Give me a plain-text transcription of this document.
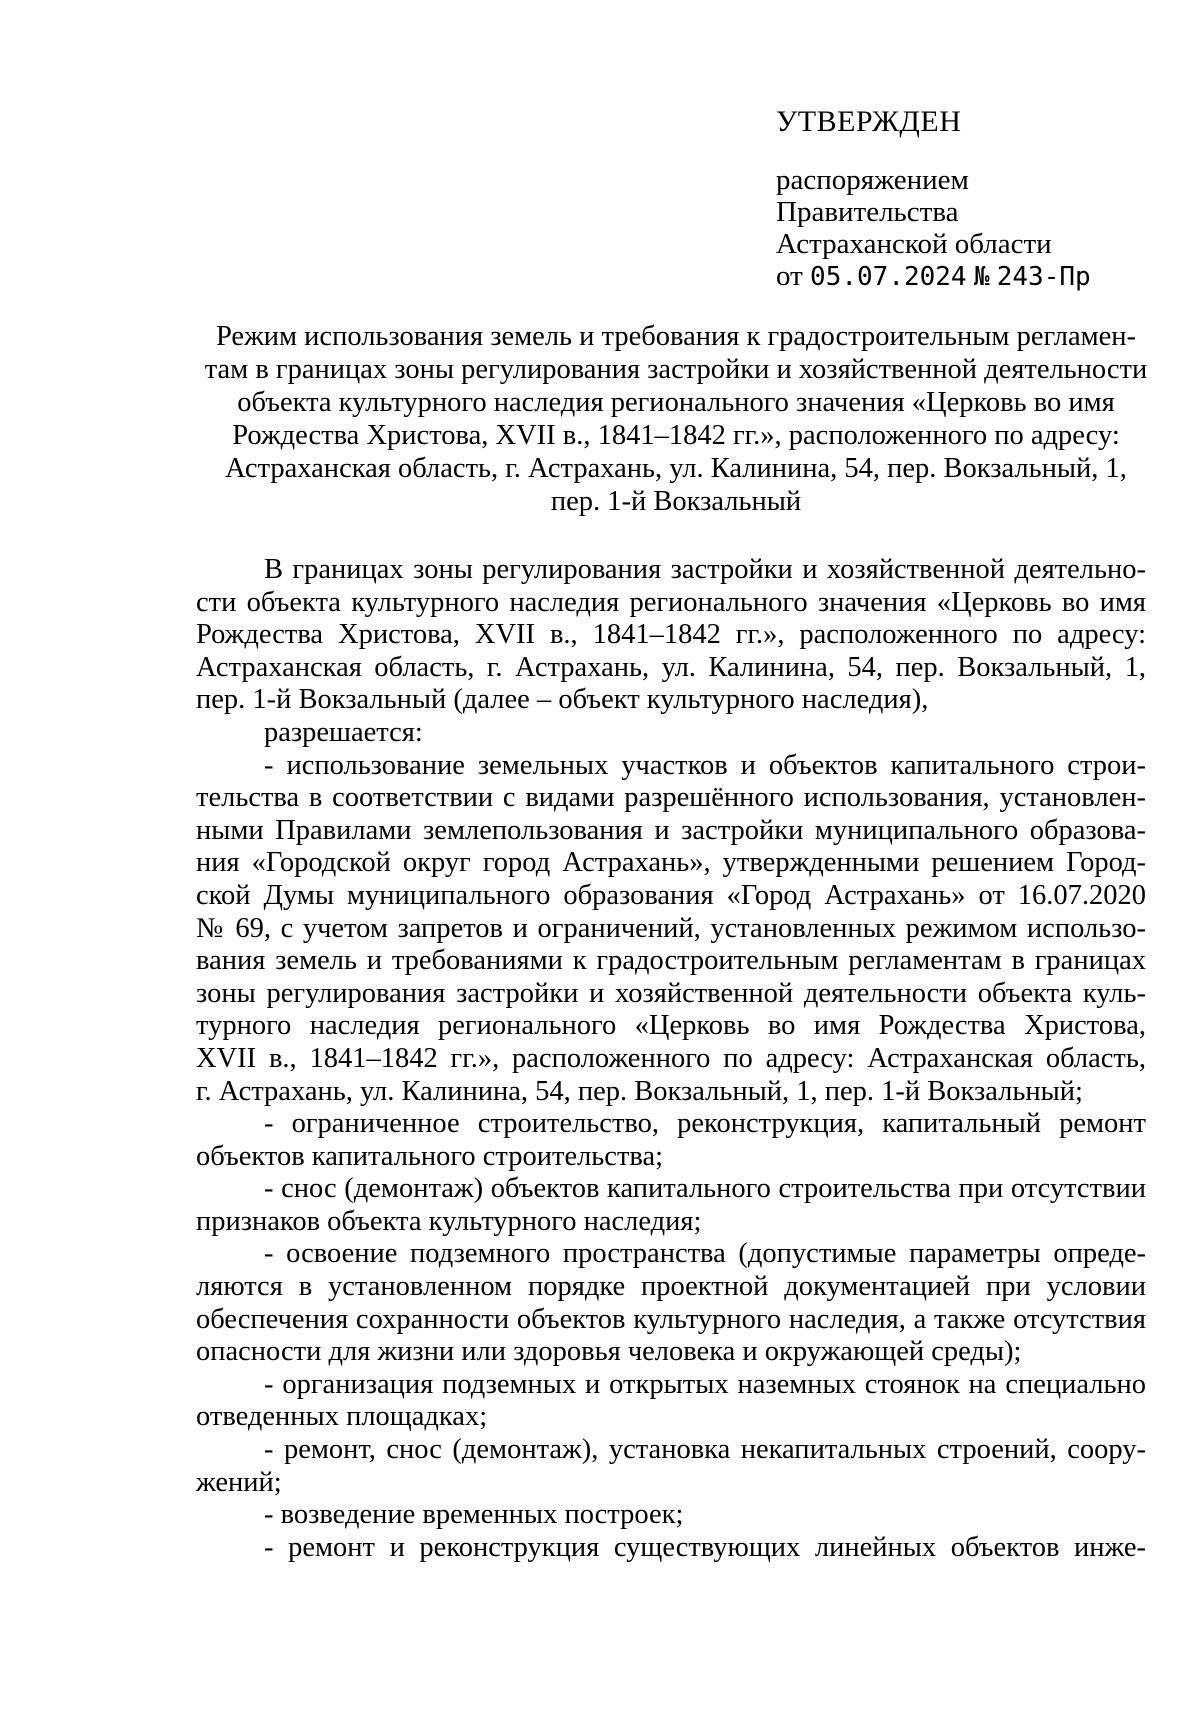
УТВЕРЖДЕН
распоряжением
Правительства
Астраханской области
от 05.07.2024 № 243-Пр
Режим использования земель и требования к градостроительным регламен-
там в границах зоны регулирования застройки и хозяйственной деятельности
объекта культурного наследия регионального значения «Церковь во имя
Рождества Христова, XVII в., 1841–1842 гг.», расположенного по адресу:
Астраханская область, г. Астрахань, ул. Калинина, 54, пер. Вокзальный, 1,
пер. 1-й Вокзальный

В границах зоны регулирования застройки и хозяйственной деятельно-

сти объекта культурного наследия регионального значения «Церковь во имя

Рождества Христова, XVII в., 1841–1842 гг.», расположенного по адресу:

Астраханская область, г. Астрахань, ул. Калинина, 54, пер. Вокзальный, 1,

пер. 1-й Вокзальный (далее – объект культурного наследия),

разрешается:

- использование земельных участков и объектов капитального строи-

тельства в соответствии с видами разрешённого использования, установлен-

ными Правилами землепользования и застройки муниципального образова-

ния «Городской округ город Астрахань», утвержденными решением Город-

ской Думы муниципального образования «Город Астрахань» от 16.07.2020

№ 69, с учетом запретов и ограничений, установленных режимом использо-

вания земель и требованиями к градостроительным регламентам в границах

зоны регулирования застройки и хозяйственной деятельности объекта куль-

турного наследия регионального «Церковь во имя Рождества Христова,

XVII в., 1841–1842 гг.», расположенного по адресу: Астраханская область,

г. Астрахань, ул. Калинина, 54, пер. Вокзальный, 1, пер. 1-й Вокзальный;

- ограниченное строительство, реконструкция, капитальный ремонт

объектов капитального строительства;

- снос (демонтаж) объектов капитального строительства при отсутствии

признаков объекта культурного наследия;

- освоение подземного пространства (допустимые параметры опреде-

ляются в установленном порядке проектной документацией при условии

обеспечения сохранности объектов культурного наследия, а также отсутствия

опасности для жизни или здоровья человека и окружающей среды);

- организация подземных и открытых наземных стоянок на специально

отведенных площадках;

- ремонт, снос (демонтаж), установка некапитальных строений, соору-

жений;

- возведение временных построек;

- ремонт и реконструкция существующих линейных объектов инже-
